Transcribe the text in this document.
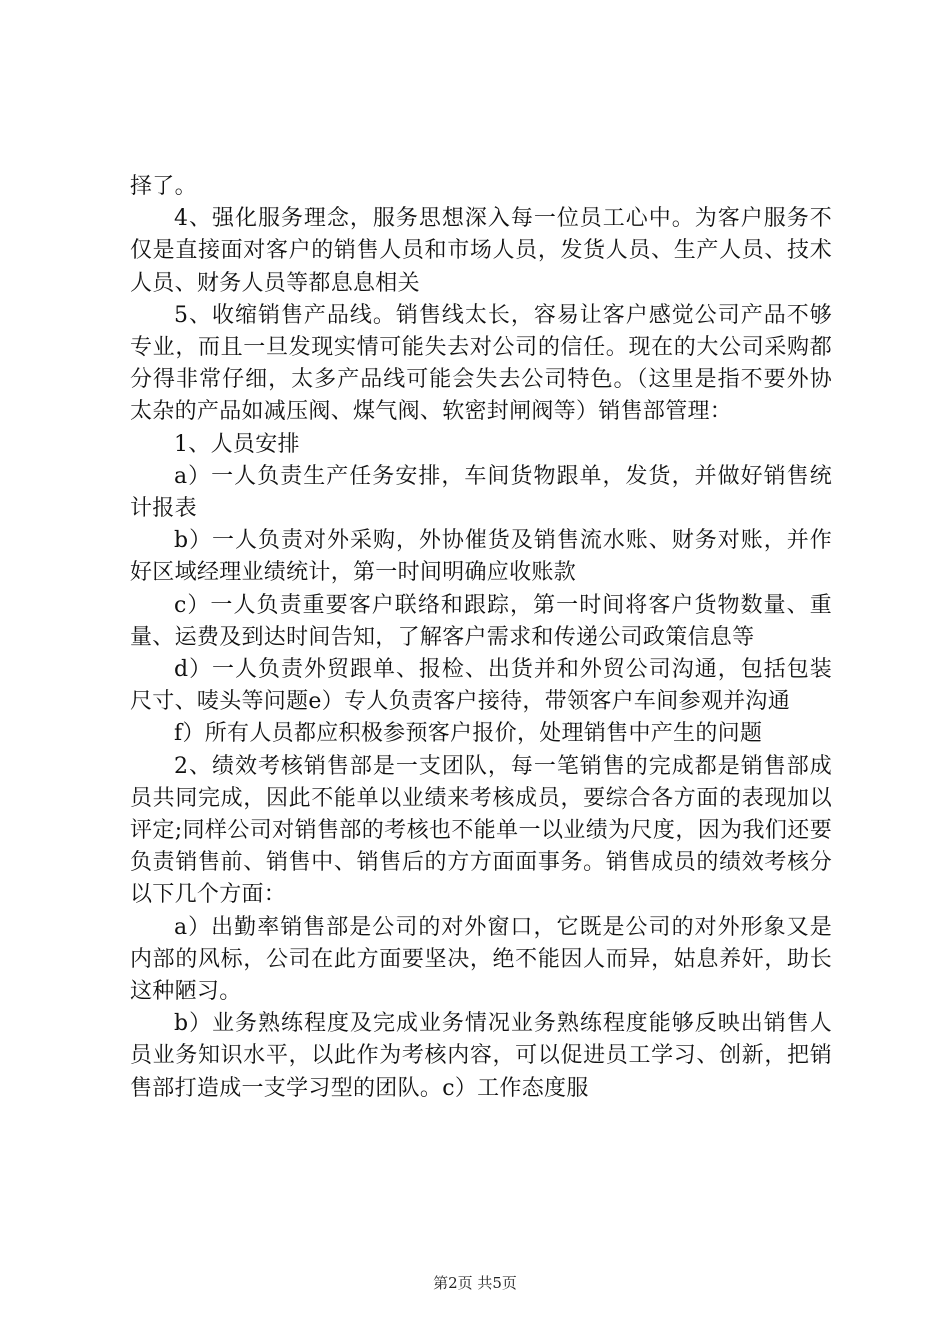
择了。

4、强化服务理念，服务思想深入每一位员工心中。为客户服务不仅是直接面对客户的销售人员和市场人员，发货人员、生产人员、技术人员、财务人员等都息息相关

5、收缩销售产品线。销售线太长，容易让客户感觉公司产品不够专业，而且一旦发现实情可能失去对公司的信任。现在的大公司采购都分得非常仔细，太多产品线可能会失去公司特色。（这里是指不要外协太杂的产品如减压阀、煤气阀、软密封闸阀等）销售部管理：

1、人员安排

a）一人负责生产任务安排，车间货物跟单，发货，并做好销售统计报表

b）一人负责对外采购，外协催货及销售流水账、财务对账，并作好区域经理业绩统计，第一时间明确应收账款

c）一人负责重要客户联络和跟踪，第一时间将客户货物数量、重量、运费及到达时间告知，了解客户需求和传递公司政策信息等

d）一人负责外贸跟单、报检、出货并和外贸公司沟通，包括包装尺寸、唛头等问题e）专人负责客户接待，带领客户车间参观并沟通

f）所有人员都应积极参预客户报价，处理销售中产生的问题

2、绩效考核销售部是一支团队，每一笔销售的完成都是销售部成员共同完成，因此不能单以业绩来考核成员，要综合各方面的表现加以评定;同样公司对销售部的考核也不能单一以业绩为尺度，因为我们还要负责销售前、销售中、销售后的方方面面事务。销售成员的绩效考核分以下几个方面：

a）出勤率销售部是公司的对外窗口，它既是公司的对外形象又是内部的风标，公司在此方面要坚决，绝不能因人而异，姑息养奸，助长这种陋习。

b）业务熟练程度及完成业务情况业务熟练程度能够反映出销售人员业务知识水平，以此作为考核内容，可以促进员工学习、创新，把销售部打造成一支学习型的团队。c）工作态度服

第2页 共5页
